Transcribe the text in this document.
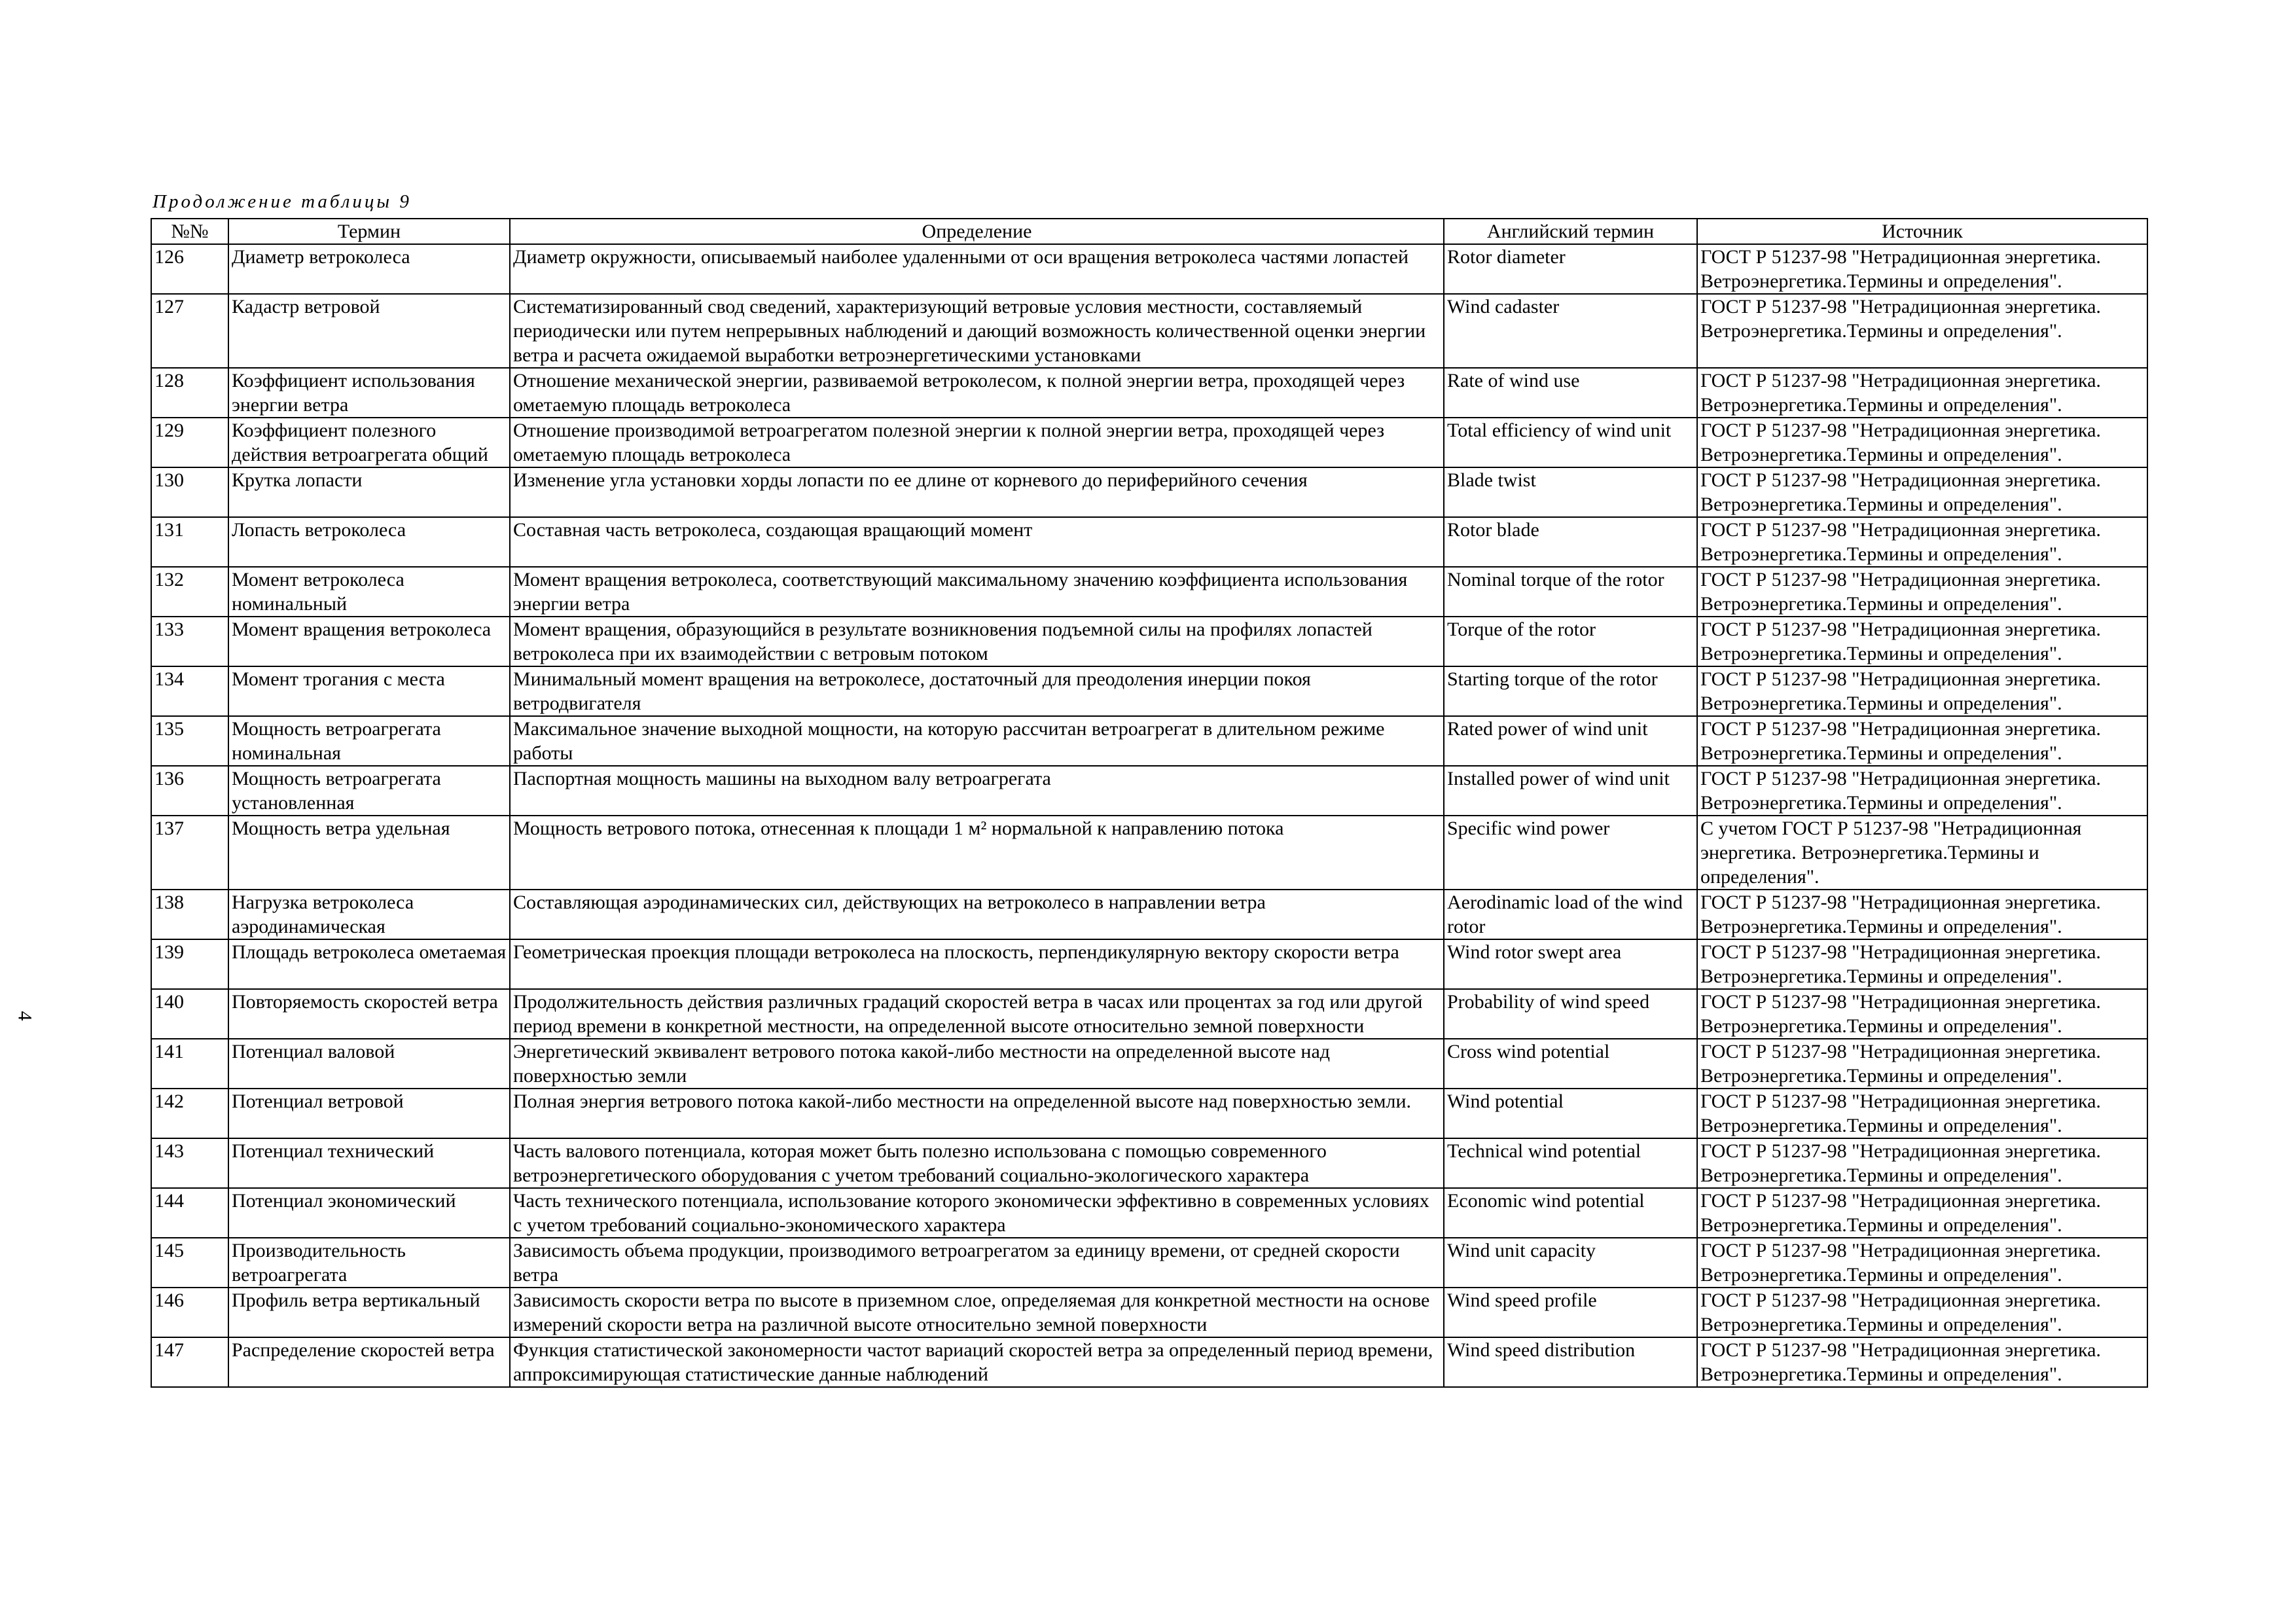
Продолжение таблицы 9
4
№№	Термин	Определение	Английский термин	Источник
126	Диаметр ветроколеса	Диаметр окружности, описываемый наиболее удаленными от оси вращения ветроколеса частями лопастей	Rotor diameter	ГОСТ Р 51237-98 "Нетрадиционная энергетика. Ветроэнергетика.Термины и определения".
127	Кадастр ветровой	Систематизированный свод сведений, характеризующий ветровые условия местности, составляемый периодически или путем непрерывных наблюдений и дающий возможность количественной оценки энергии ветра и расчета ожидаемой выработки ветроэнергетическими установками	Wind cadaster	ГОСТ Р 51237-98 "Нетрадиционная энергетика. Ветроэнергетика.Термины и определения".
128	Коэффициент использования энергии ветра	Отношение механической энергии, развиваемой ветроколесом, к полной энергии ветра, проходящей через ометаемую площадь ветроколеса	Rate of wind use	ГОСТ Р 51237-98 "Нетрадиционная энергетика. Ветроэнергетика.Термины и определения".
129	Коэффициент полезного действия ветроагрегата общий	Отношение производимой ветроагрегатом полезной энергии к полной энергии ветра, проходящей через ометаемую площадь ветроколеса	Total efficiency of wind unit	ГОСТ Р 51237-98 "Нетрадиционная энергетика. Ветроэнергетика.Термины и определения".
130	Крутка лопасти	Изменение угла установки хорды лопасти по ее длине от корневого до периферийного сечения	Blade twist	ГОСТ Р 51237-98 "Нетрадиционная энергетика. Ветроэнергетика.Термины и определения".
131	Лопасть ветроколеса	Составная часть ветроколеса, создающая вращающий момент	Rotor blade	ГОСТ Р 51237-98 "Нетрадиционная энергетика. Ветроэнергетика.Термины и определения".
132	Момент ветроколеса номинальный	Момент вращения ветроколеса, соответствующий максимальному значению коэффициента использования энергии ветра	Nominal torque of the rotor	ГОСТ Р 51237-98 "Нетрадиционная энергетика. Ветроэнергетика.Термины и определения".
133	Момент вращения ветроколеса	Момент вращения, образующийся в результате возникновения подъемной силы на профилях лопастей ветроколеса при их взаимодействии с ветровым потоком	Torque of the rotor	ГОСТ Р 51237-98 "Нетрадиционная энергетика. Ветроэнергетика.Термины и определения".
134	Момент трогания с места	Минимальный момент вращения на ветроколесе, достаточный для преодоления инерции покоя ветродвигателя	Starting torque of the rotor	ГОСТ Р 51237-98 "Нетрадиционная энергетика. Ветроэнергетика.Термины и определения".
135	Мощность ветроагрегата номинальная	Максимальное значение выходной мощности, на которую рассчитан ветроагрегат в длительном режиме работы	Rated power of wind unit	ГОСТ Р 51237-98 "Нетрадиционная энергетика. Ветроэнергетика.Термины и определения".
136	Мощность ветроагрегата установленная	Паспортная мощность машины на выходном валу ветроагрегата	Installed power of wind unit	ГОСТ Р 51237-98 "Нетрадиционная энергетика. Ветроэнергетика.Термины и определения".
137	Мощность ветра удельная	Мощность ветрового потока, отнесенная к площади 1 м² нормальной к направлению потока	Specific wind power	С учетом ГОСТ Р 51237-98 "Нетрадиционная энергетика. Ветроэнергетика.Термины и определения".
138	Нагрузка ветроколеса аэродинамическая	Составляющая аэродинамических сил, действующих на ветроколесо в направлении ветра	Aerodinamic load of the wind rotor	ГОСТ Р 51237-98 "Нетрадиционная энергетика. Ветроэнергетика.Термины и определения".
139	Площадь ветроколеса ометаемая	Геометрическая проекция площади ветроколеса на плоскость, перпендикулярную вектору скорости ветра	Wind rotor swept area	ГОСТ Р 51237-98 "Нетрадиционная энергетика. Ветроэнергетика.Термины и определения".
140	Повторяемость скоростей ветра	Продолжительность действия различных градаций скоростей ветра в часах или процентах за год или другой период времени в конкретной местности, на определенной высоте относительно земной поверхности	Probability of wind speed	ГОСТ Р 51237-98 "Нетрадиционная энергетика. Ветроэнергетика.Термины и определения".
141	Потенциал валовой	Энергетический эквивалент ветрового потока какой-либо местности на определенной высоте над поверхностью земли	Cross wind potential	ГОСТ Р 51237-98 "Нетрадиционная энергетика. Ветроэнергетика.Термины и определения".
142	Потенциал ветровой	Полная энергия ветрового потока какой-либо местности на определенной высоте над поверхностью земли.	Wind potential	ГОСТ Р 51237-98 "Нетрадиционная энергетика. Ветроэнергетика.Термины и определения".
143	Потенциал технический	Часть валового потенциала, которая может быть полезно использована с помощью современного ветроэнергетического оборудования с учетом требований социально-экологического характера	Technical wind potential	ГОСТ Р 51237-98 "Нетрадиционная энергетика. Ветроэнергетика.Термины и определения".
144	Потенциал экономический	Часть технического потенциала, использование которого экономически эффективно в современных условиях с учетом требований социально-экономического характера	Economic wind potential	ГОСТ Р 51237-98 "Нетрадиционная энергетика. Ветроэнергетика.Термины и определения".
145	Производительность ветроагрегата	Зависимость объема продукции, производимого ветроагрегатом за единицу времени, от средней скорости ветра	Wind unit capacity	ГОСТ Р 51237-98 "Нетрадиционная энергетика. Ветроэнергетика.Термины и определения".
146	Профиль ветра вертикальный	Зависимость скорости ветра по высоте в приземном слое, определяемая для конкретной местности на основе измерений скорости ветра на различной высоте относительно земной поверхности	Wind speed profile	ГОСТ Р 51237-98 "Нетрадиционная энергетика. Ветроэнергетика.Термины и определения".
147	Распределение скоростей ветра	Функция статистической закономерности частот вариаций скоростей ветра за определенный период времени, аппроксимирующая статистические данные наблюдений	Wind speed distribution	ГОСТ Р 51237-98 "Нетрадиционная энергетика. Ветроэнергетика.Термины и определения".
